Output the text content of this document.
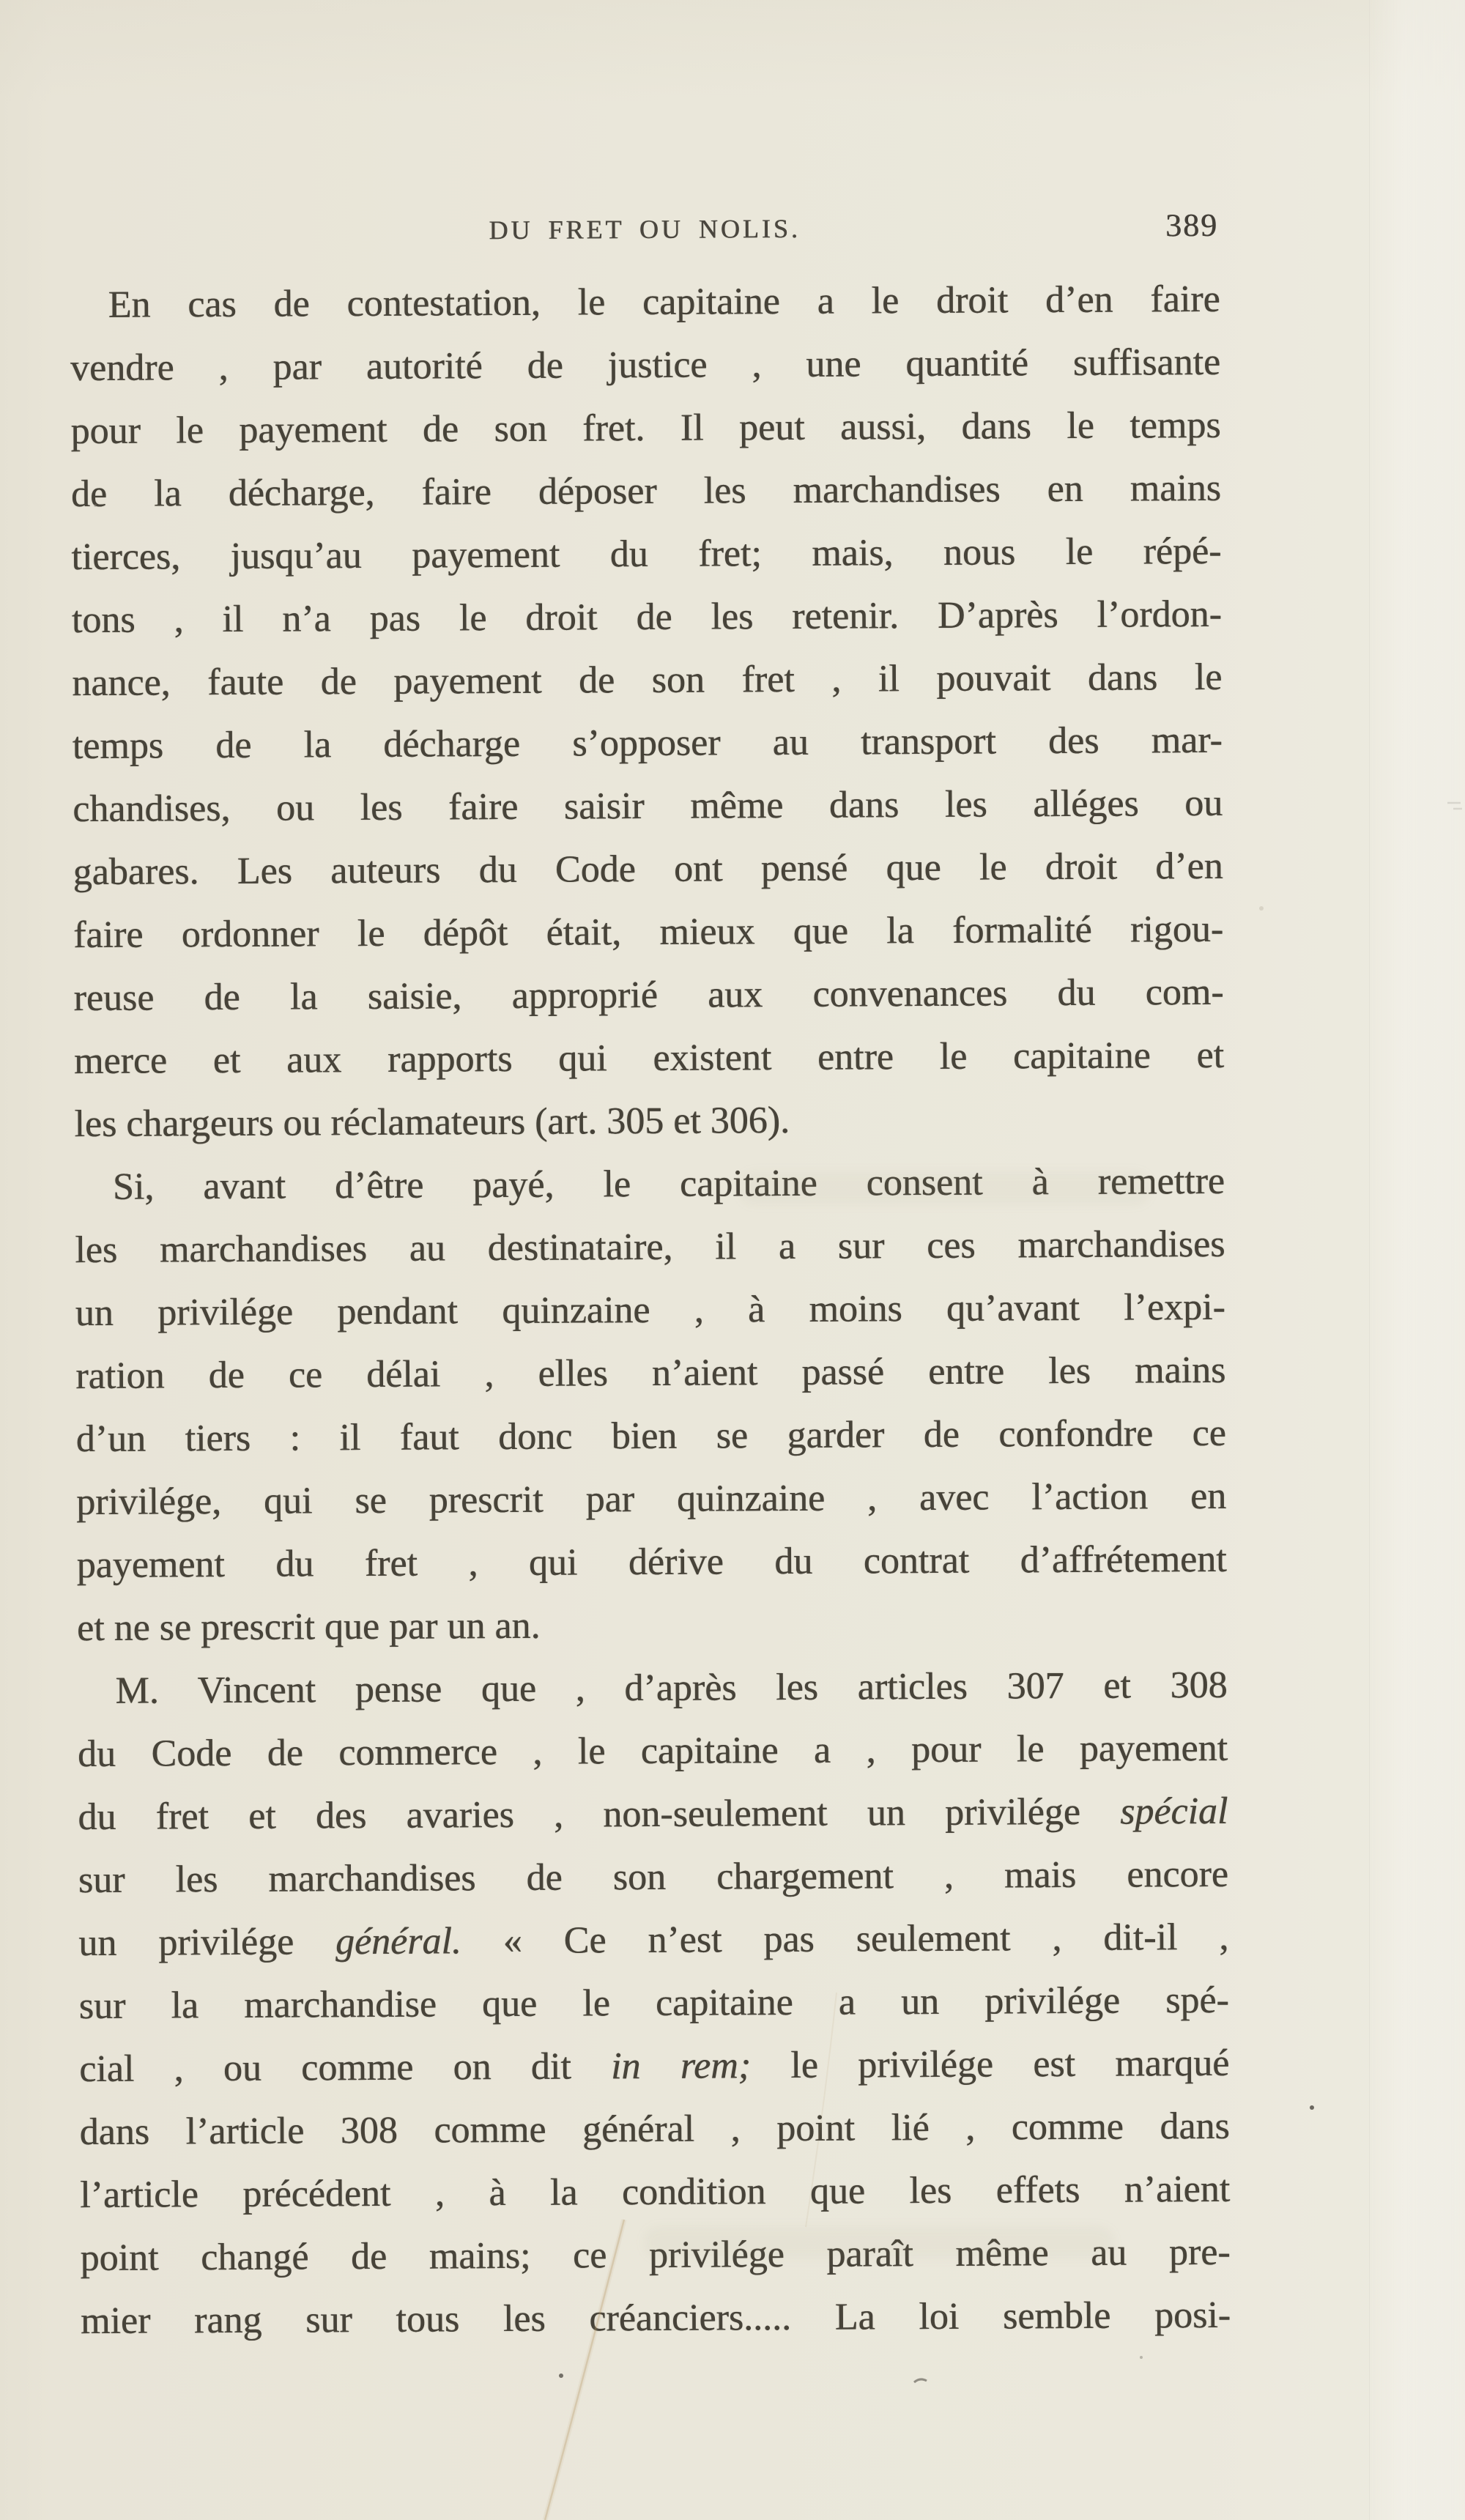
DU FRET OU NOLIS.	389
En cas de contestation, le capitaine a le droit d’en faire
vendre , par autorité de justice , une quantité suffisante
pour le payement de son fret. Il peut aussi, dans le temps
de la décharge, faire déposer les marchandises en mains
tierces, jusqu’au payement du fret; mais, nous le répé-
tons , il n’a pas le droit de les retenir. D’après l’ordon-
nance, faute de payement de son fret , il pouvait dans le
temps de la décharge s’opposer au transport des mar-
chandises, ou les faire saisir même dans les alléges ou
gabares. Les auteurs du Code ont pensé que le droit d’en
faire ordonner le dépôt était, mieux que la formalité rigou-
reuse de la saisie, approprié aux convenances du com-
merce et aux rapports qui existent entre le capitaine et
les chargeurs ou réclamateurs (art. 305 et 306).
Si, avant d’être payé, le capitaine consent à remettre
les marchandises au destinataire, il a sur ces marchandises
un privilége pendant quinzaine , à moins qu’avant l’expi-
ration de ce délai , elles n’aient passé entre les mains
d’un tiers : il faut donc bien se garder de confondre ce
privilége, qui se prescrit par quinzaine , avec l’action en
payement du fret , qui dérive du contrat d’affrétement
et ne se prescrit que par un an.
M. Vincent pense que , d’après les articles 307 et 308
du Code de commerce , le capitaine a , pour le payement
du fret et des avaries , non-seulement un privilége spécial
sur les marchandises de son chargement , mais encore
un privilége général. « Ce n’est pas seulement , dit-il ,
sur la marchandise que le capitaine a un privilége spé-
cial , ou comme on dit in rem; le privilége est marqué
dans l’article 308 comme général , point lié , comme dans
l’article précédent , à la condition que les effets n’aient
point changé de mains; ce privilége paraît même au pre-
mier rang sur tous les créanciers..... La loi semble posi-
